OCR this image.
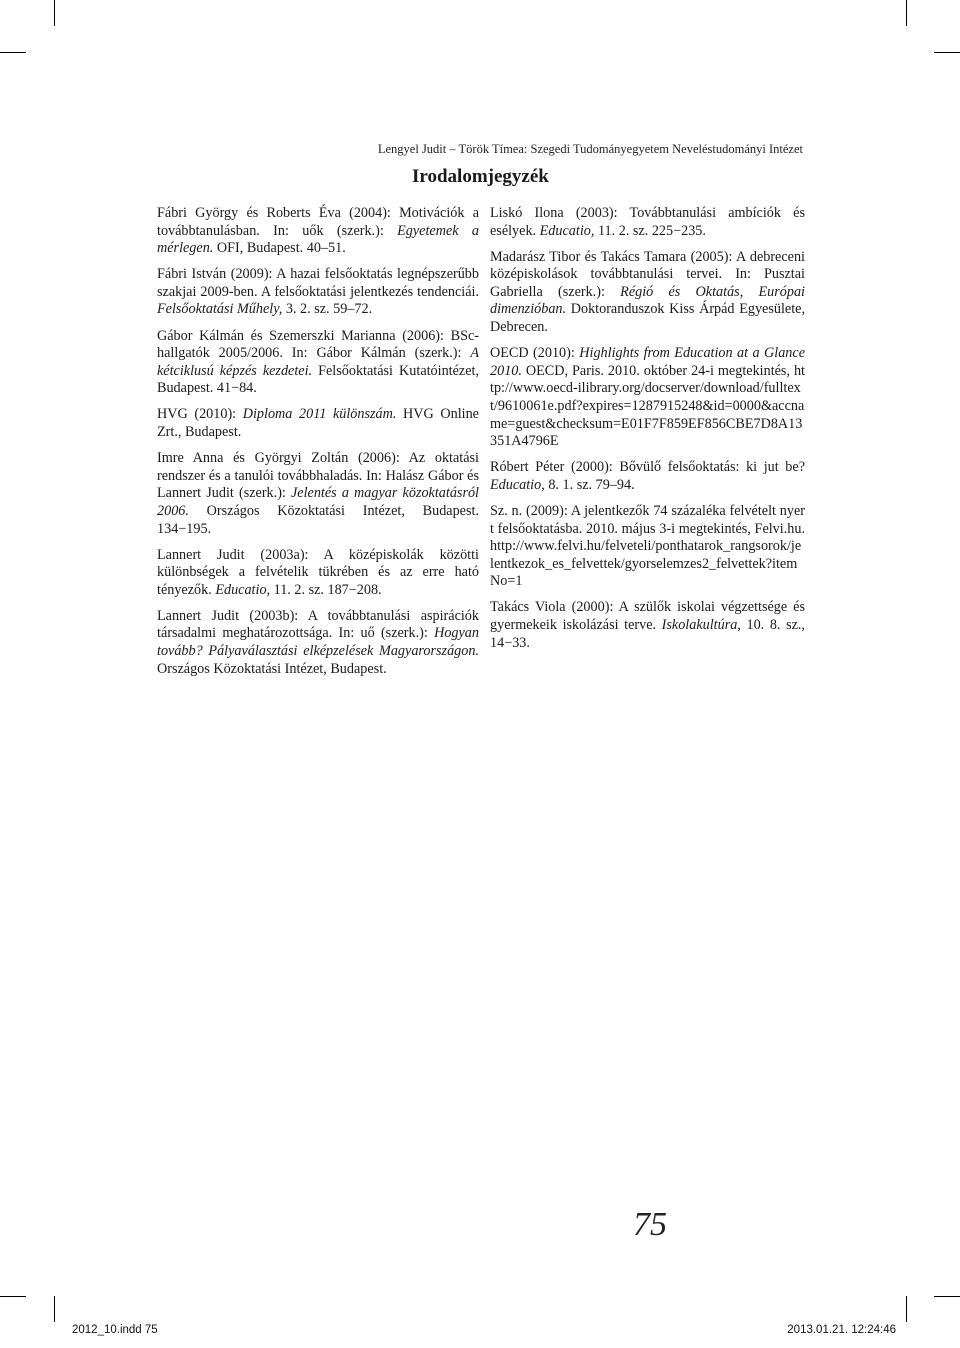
Lengyel Judit – Török Tímea: Szegedi Tudományegyetem Neveléstudományi Intézet
Irodalomjegyzék

Fábri György és Roberts Éva (2004): Motivációk a továbbtanulásban. In: uők (szerk.): Egyetemek a mérlegen. OFI, Budapest. 40–51.

Fábri István (2009): A hazai felsőoktatás legnépszerűbb szakjai 2009-ben. A felsőoktatási jelentkezés tendenciái. Felsőoktatási Műhely, 3. 2. sz. 59–72.

Gábor Kálmán és Szemerszki Marianna (2006): BSc-hallgatók 2005/2006. In: Gábor Kálmán (szerk.): A kétciklusú képzés kezdetei. Felsőoktatási Kutatóintézet, Budapest. 41−84.

HVG (2010): Diploma 2011 különszám. HVG Online Zrt., Budapest.

Imre Anna és Györgyi Zoltán (2006): Az oktatási rendszer és a tanulói továbbhaladás. In: Halász Gábor és Lannert Judit (szerk.): Jelentés a magyar közoktatásról 2006. Országos Közoktatási Intézet, Budapest. 134−195.

Lannert Judit (2003a): A középiskolák közötti különbségek a felvételik tükrében és az erre ható tényezők. Educatio, 11. 2. sz. 187−208.

Lannert Judit (2003b): A továbbtanulási aspirációk társadalmi meghatározottsága. In: uő (szerk.): Hogyan tovább? Pályaválasztási elképzelések Magyarországon. Országos Közoktatási Intézet, Budapest.

Liskó Ilona (2003): Továbbtanulási ambíciók és esélyek. Educatio, 11. 2. sz. 225−235.

Madarász Tibor és Takács Tamara (2005): A debreceni középiskolások továbbtanulási tervei. In: Pusztai Gabriella (szerk.): Régió és Oktatás, Európai dimenzióban. Doktoranduszok Kiss Árpád Egyesülete, Debrecen.

OECD (2010): Highlights from Education at a Glance 2010. OECD, Paris. 2010. október 24-i megtekintés, http://www.oecd-ilibrary.org/docserver/download/fulltext/9610061e.pdf?expires=1287915248&id=0000&accname=guest&checksum=E01F7F859EF856CBE7D8A13351A4796E

Róbert Péter (2000): Bővülő felsőoktatás: ki jut be? Educatio, 8. 1. sz. 79–94.

Sz. n. (2009): A jelentkezők 74 százaléka felvételt nyert felsőoktatásba. 2010. május 3-i megtekintés, Felvi.hu. http://www.felvi.hu/felveteli/ponthatarok_rangsorok/jelentkezok_es_felvettek/gyorselemzes2_felvettek?itemNo=1

Takács Viola (2000): A szülők iskolai végzettsége és gyermekeik iskolázási terve. Iskolakultúra, 10. 8. sz., 14−33.

75
2012_10.indd 75	2013.01.21. 12:24:46
